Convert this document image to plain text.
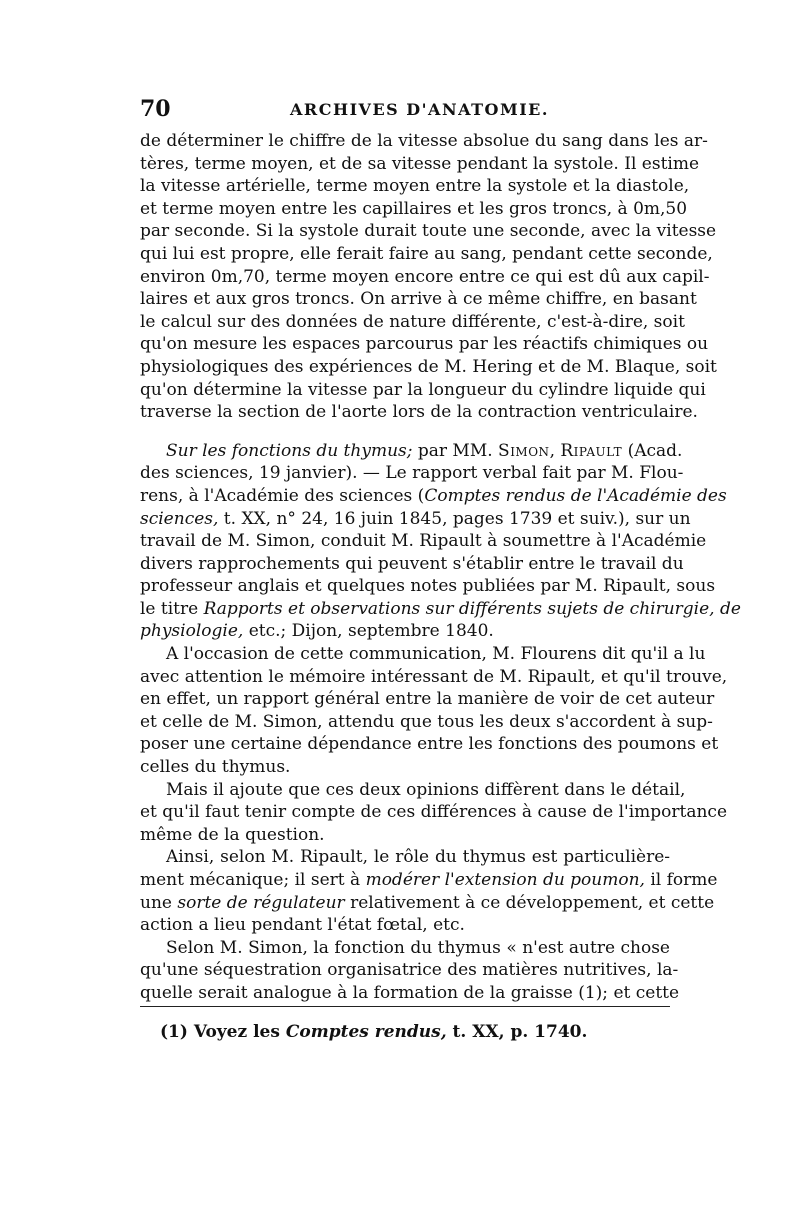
70	ARCHIVES D'ANATOMIE.
de déterminer le chiffre de la vitesse absolue du sang dans les ar-
tères, terme moyen, et de sa vitesse pendant la systole. Il estime
la vitesse artérielle, terme moyen entre la systole et la diastole,
et terme moyen entre les capillaires et les gros troncs, à 0m,50
par seconde. Si la systole durait toute une seconde, avec la vitesse
qui lui est propre, elle ferait faire au sang, pendant cette seconde,
environ 0m,70, terme moyen encore entre ce qui est dû aux capil-
laires et aux gros troncs. On arrive à ce même chiffre, en basant
le calcul sur des données de nature différente, c'est-à-dire, soit
qu'on mesure les espaces parcourus par les réactifs chimiques ou
physiologiques des expériences de M. Hering et de M. Blaque, soit
qu'on détermine la vitesse par la longueur du cylindre liquide qui
traverse la section de l'aorte lors de la contraction ventriculaire.
Sur les fonctions du thymus; par MM. Simon, Ripault (Acad.
des sciences, 19 janvier). — Le rapport verbal fait par M. Flou-
rens, à l'Académie des sciences (Comptes rendus de l'Académie des
sciences, t. XX, n° 24, 16 juin 1845, pages 1739 et suiv.), sur un
travail de M. Simon, conduit M. Ripault à soumettre à l'Académie
divers rapprochements qui peuvent s'établir entre le travail du
professeur anglais et quelques notes publiées par M. Ripault, sous
le titre Rapports et observations sur différents sujets de chirurgie, de
physiologie, etc.; Dijon, septembre 1840.
A l'occasion de cette communication, M. Flourens dit qu'il a lu
avec attention le mémoire intéressant de M. Ripault, et qu'il trouve,
en effet, un rapport général entre la manière de voir de cet auteur
et celle de M. Simon, attendu que tous les deux s'accordent à sup-
poser une certaine dépendance entre les fonctions des poumons et
celles du thymus.
Mais il ajoute que ces deux opinions diffèrent dans le détail,
et qu'il faut tenir compte de ces différences à cause de l'importance
même de la question.
Ainsi, selon M. Ripault, le rôle du thymus est particulière-
ment mécanique; il sert à modérer l'extension du poumon, il forme
une sorte de régulateur relativement à ce développement, et cette
action a lieu pendant l'état fœtal, etc.
Selon M. Simon, la fonction du thymus « n'est autre chose
qu'une séquestration organisatrice des matières nutritives, la-
quelle serait analogue à la formation de la graisse (1); et cette
(1) Voyez les Comptes rendus, t. XX, p. 1740.
